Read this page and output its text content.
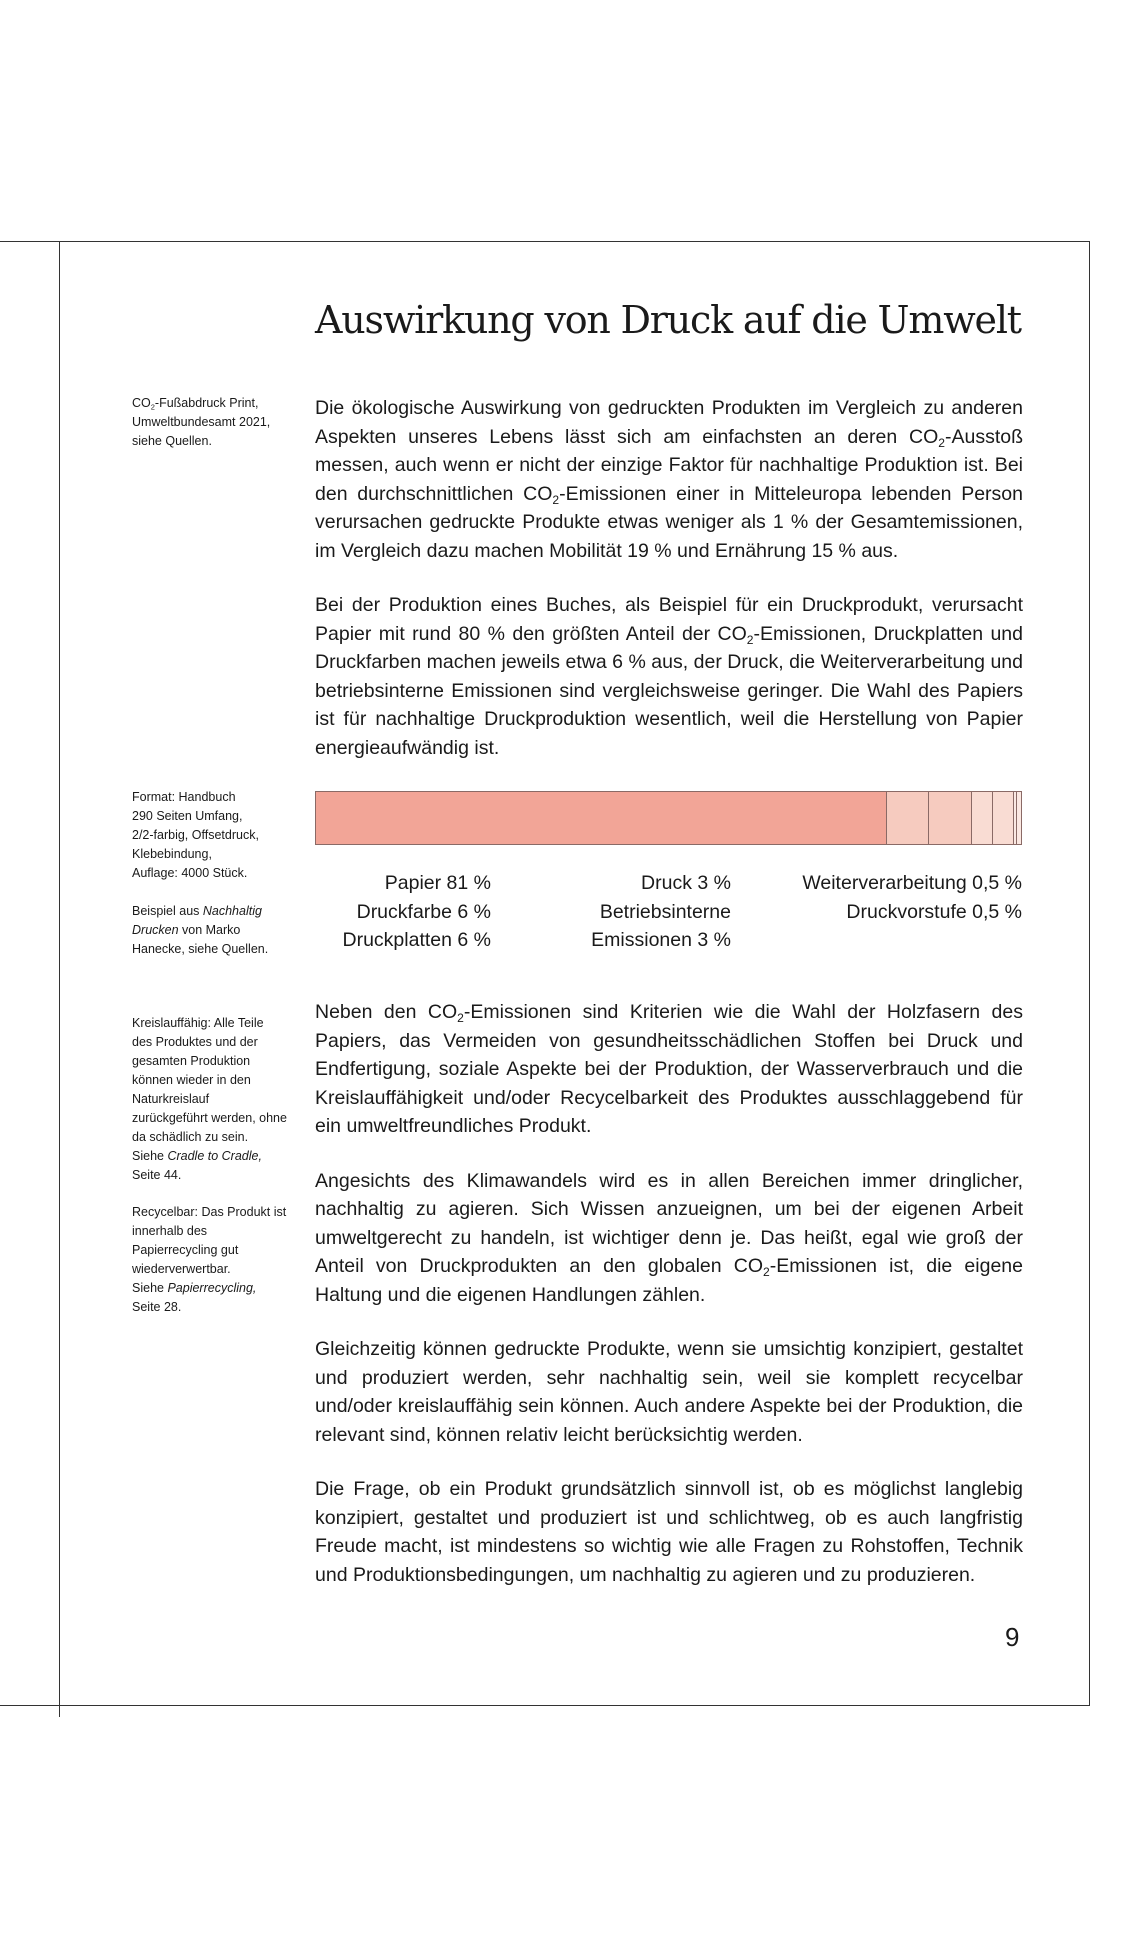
Auswirkung von Druck auf die Umwelt
$CO_2$-Fußabdruck Print, Umweltbundesamt 2021, siehe Quellen.

Format: Handbuch
290 Seiten Umfang,
2/2-farbig, Offsetdruck,
Klebebindung,
Auflage: 4000 Stück.

Beispiel aus Nachhaltig Drucken von Marko Hanecke, siehe Quellen.

Kreislauffähig: Alle Teile des Produktes und der gesamten Produktion können wieder in den Naturkreislauf zurückgeführt werden, ohne da schädlich zu sein.
Siehe Cradle to Cradle, Seite 44.

Recycelbar: Das Produkt ist innerhalb des Papierrecycling gut wiederverwertbar.
Siehe Papierrecycling, Seite 28.

Die ökologische Auswirkung von gedruckten Produkten im Vergleich zu anderen Aspekten unseres Lebens lässt sich am einfachsten an deren $CO_2$-Ausstoß messen, auch wenn er nicht der einzige Faktor für nachhaltige Produktion ist. Bei den durchschnittlichen $CO_2$-Emissionen einer in Mitteleuropa lebenden Person verursachen gedruckte Produkte etwas weniger als 1 % der Gesamtemissionen, im Vergleich dazu machen Mobilität 19 % und Ernährung 15 % aus.

Bei der Produktion eines Buches, als Beispiel für ein Druckprodukt, verursacht Papier mit rund 80 % den größten Anteil der $CO_2$-Emissionen, Druckplatten und Druckfarben machen jeweils etwa 6 % aus, der Druck, die Weiterverarbeitung und betriebsinterne Emissionen sind vergleichsweise geringer. Die Wahl des Papiers ist für nachhaltige Druckproduktion wesentlich, weil die Herstellung von Papier energieaufwändig ist.

Papier 81 %
Druckfarbe 6 %
Druckplatten 6 %
Druck 3 %
Betriebsinterne
Emissionen 3 %
Weiterverarbeitung 0,5 %
Druckvorstufe 0,5 %

Neben den $CO_2$-Emissionen sind Kriterien wie die Wahl der Holzfasern des Papiers, das Vermeiden von gesundheitsschädlichen Stoffen bei Druck und Endfertigung, soziale Aspekte bei der Produktion, der Wasserverbrauch und die Kreislauffähigkeit und/oder Recycelbarkeit des Produktes ausschlaggebend für ein umweltfreundliches Produkt.

Angesichts des Klimawandels wird es in allen Bereichen immer dringlicher, nachhaltig zu agieren. Sich Wissen anzueignen, um bei der eigenen Arbeit umweltgerecht zu handeln, ist wichtiger denn je. Das heißt, egal wie groß der Anteil von Druckprodukten an den globalen $CO_2$-Emissionen ist, die eigene Haltung und die eigenen Handlungen zählen.

Gleichzeitig können gedruckte Produkte, wenn sie umsichtig konzipiert, gestaltet und produziert werden, sehr nachhaltig sein, weil sie komplett recycelbar und/oder kreislauffähig sein können. Auch andere Aspekte bei der Produktion, die relevant sind, können relativ leicht berücksichtig werden.

Die Frage, ob ein Produkt grundsätzlich sinnvoll ist, ob es möglichst langlebig konzipiert, gestaltet und produziert ist und schlichtweg, ob es auch langfristig Freude macht, ist mindestens so wichtig wie alle Fragen zu Rohstoffen, Technik und Produktionsbedingungen, um nachhaltig zu agieren und zu produzieren.

9
